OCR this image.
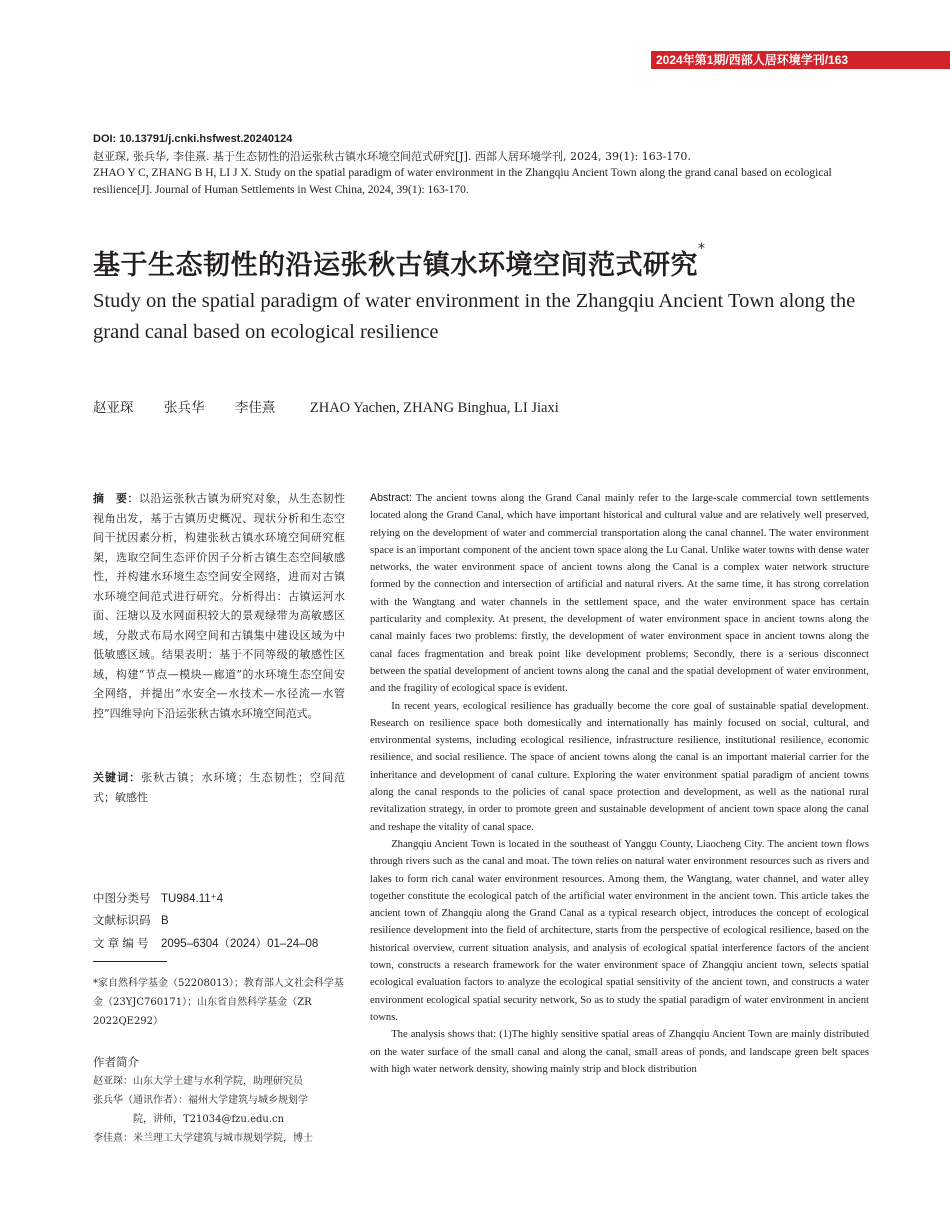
2024年第1期/西部人居环境学刊/163
DOI: 10.13791/j.cnki.hsfwest.20240124
赵亚琛, 张兵华, 李佳熹. 基于生态韧性的沿运张秋古镇水环境空间范式研究[J]. 西部人居环境学刊, 2024, 39(1): 163-170.
ZHAO Y C, ZHANG B H, LI J X. Study on the spatial paradigm of water environment in the Zhangqiu Ancient Town along the grand canal based on ecological resilience[J]. Journal of Human Settlements in West China, 2024, 39(1): 163-170.
基于生态韧性的沿运张秋古镇水环境空间范式研究*
Study on the spatial paradigm of water environment in the Zhangqiu Ancient Town along the grand canal based on ecological resilience
赵亚琛 张兵华 李佳熹 ZHAO Yachen, ZHANG Binghua, LI Jiaxi
摘　要：以沿运张秋古镇为研究对象，从生态韧性视角出发，基于古镇历史概况、现状分析和生态空间干扰因素分析，构建张秋古镇水环境空间研究框架，选取空间生态评价因子分析古镇生态空间敏感性，并构建水环境生态空间安全网络，进而对古镇水环境空间范式进行研究。分析得出：古镇运河水面、汪塘以及水网面积较大的景观绿带为高敏感区域，分散式布局水网空间和古镇集中建设区域为中低敏感区域。结果表明：基于不同等级的敏感性区域，构建“节点—模块—廊道”的水环境生态空间安全网络，并提出“水安全—水技术—水径流—水管控”四维导向下沿运张秋古镇水环境空间范式。
关键词：张秋古镇；水环境；生态韧性；空间范式；敏感性
中图分类号 TU984.11⁺4
文献标识码 B
文 章 编 号 2095–6304（2024）01–24–08
*家自然科学基金（52208013）；教育部人文社会科学基金（23YJC760171）；山东省自然科学基金（ZR 2022QE292）
作者简介
赵亚琛：山东大学土建与水利学院，助理研究员
张兵华（通讯作者）：福州大学建筑与城乡规划学
　　　　院，讲师，T21034@fzu.edu.cn
李佳熹：米兰理工大学建筑与城市规划学院，博士

Abstract: The ancient towns along the Grand Canal mainly refer to the large-scale commercial town settlements located along the Grand Canal, which have important historical and cultural value and are relatively well preserved, relying on the development of water and commercial transportation along the canal channel. The water environment space is an important component of the ancient town space along the Lu Canal. Unlike water towns with dense water networks, the water environment space of ancient towns along the Canal is a complex water network structure formed by the connection and intersection of artificial and natural rivers. At the same time, it has strong correlation with the Wangtang and water channels in the settlement space, and the water environment space has certain particularity and complexity. At present, the development of water environment space in ancient towns along the canal mainly faces two problems: firstly, the development of water environment space in ancient towns along the canal faces fragmentation and break point like development problems; Secondly, there is a serious disconnect between the spatial development of ancient towns along the canal and the spatial development of water environment, and the fragility of ecological space is evident.

In recent years, ecological resilience has gradually become the core goal of sustainable spatial development. Research on resilience space both domestically and internationally has mainly focused on social, cultural, and environmental systems, including ecological resilience, infrastructure resilience, institutional resilience, economic resilience, and social resilience. The space of ancient towns along the canal is an important material carrier for the inheritance and development of canal culture. Exploring the water environment spatial paradigm of ancient towns along the canal responds to the policies of canal space protection and development, as well as the national rural revitalization strategy, in order to promote green and sustainable development of ancient town space along the canal and reshape the vitality of canal space.

Zhangqiu Ancient Town is located in the southeast of Yanggu County, Liaocheng City. The ancient town flows through rivers such as the canal and moat. The town relies on natural water environment resources such as rivers and lakes to form rich canal water environment resources. Among them, the Wangtang, water channel, and water alley together constitute the ecological patch of the artificial water environment in the ancient town. This article takes the ancient town of Zhangqiu along the Grand Canal as a typical research object, introduces the concept of ecological resilience development into the field of architecture, starts from the perspective of ecological resilience, based on the historical overview, current situation analysis, and analysis of ecological spatial interference factors of the ancient town, constructs a research framework for the water environment space of Zhangqiu ancient town, selects spatial ecological evaluation factors to analyze the ecological spatial sensitivity of the ancient town, and constructs a water environment ecological spatial security network, So as to study the spatial paradigm of water environment in ancient towns.

The analysis shows that: (1)The highly sensitive spatial areas of Zhangqiu Ancient Town are mainly distributed on the water surface of the small canal and along the canal, small areas of ponds, and landscape green belt spaces with high water network density, showing mainly strip and block distribution
